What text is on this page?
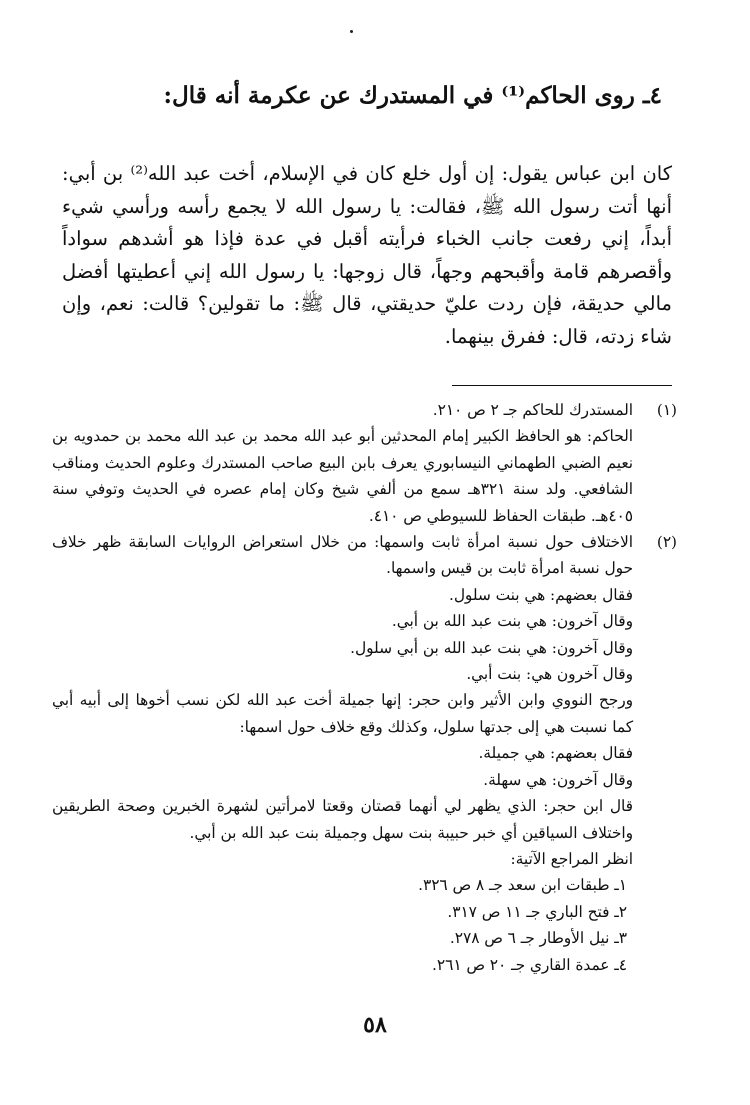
٤ـ روى الحاكم⁽¹⁾ في المستدرك عن عكرمة أنه قال:

كان ابن عباس يقول: إن أول خلع كان في الإسلام، أخت عبد الله⁽²⁾ بن أبي: أنها أتت رسول الله ﷺ، فقالت: يا رسول الله لا يجمع رأسه ورأسي شيء أبداً، إني رفعت جانب الخباء فرأيته أقبل في عدة فإذا هو أشدهم سواداً وأقصرهم قامة وأقبحهم وجهاً، قال زوجها: يا رسول الله إني أعطيتها أفضل مالي حديقة، فإن ردت عليّ حديقتي، قال ﷺ: ما تقولين؟ قالت: نعم، وإن شاء زدته، قال: ففرق بينهما.

(١)
المستدرك للحاكم جـ ٢ ص ٢١٠.
الحاكم: هو الحافظ الكبير إمام المحدثين أبو عبد الله محمد بن عبد الله محمد بن حمدويه بن نعيم الضبي الطهماني النيسابوري يعرف بابن البيع صاحب المستدرك وعلوم الحديث ومناقب الشافعي. ولد سنة ٣٢١هـ سمع من ألفي شيخ وكان إمام عصره في الحديث وتوفي سنة ٤٠٥هـ. طبقات الحفاظ للسيوطي ص ٤١٠.
(٢)
الاختلاف حول نسبة امرأة ثابت واسمها: من خلال استعراض الروايات السابقة ظهر خلاف حول نسبة امرأة ثابت بن قيس واسمها.
فقال بعضهم: هي بنت سلول.
وقال آخرون: هي بنت عبد الله بن أبي.
وقال آخرون: هي بنت عبد الله بن أبي سلول.
وقال آخرون هي: بنت أبي.
ورجح النووي وابن الأثير وابن حجر: إنها جميلة أخت عبد الله لكن نسب أخوها إلى أبيه أبي كما نسبت هي إلى جدتها سلول، وكذلك وقع خلاف حول اسمها:
فقال بعضهم: هي جميلة.
وقال آخرون: هي سهلة.
قال ابن حجر: الذي يظهر لي أنهما قصتان وقعتا لامرأتين لشهرة الخبرين وصحة الطريقين واختلاف السياقين أي خبر حبيبة بنت سهل وجميلة بنت عبد الله بن أبي.
انظر المراجع الآتية:
١ـ طبقات ابن سعد جـ ٨ ص ٣٢٦.
٢ـ فتح الباري جـ ١١ ص ٣١٧.
٣ـ نيل الأوطار جـ ٦ ص ٢٧٨.
٤ـ عمدة القاري جـ ٢٠ ص ٢٦١.
٥٨
